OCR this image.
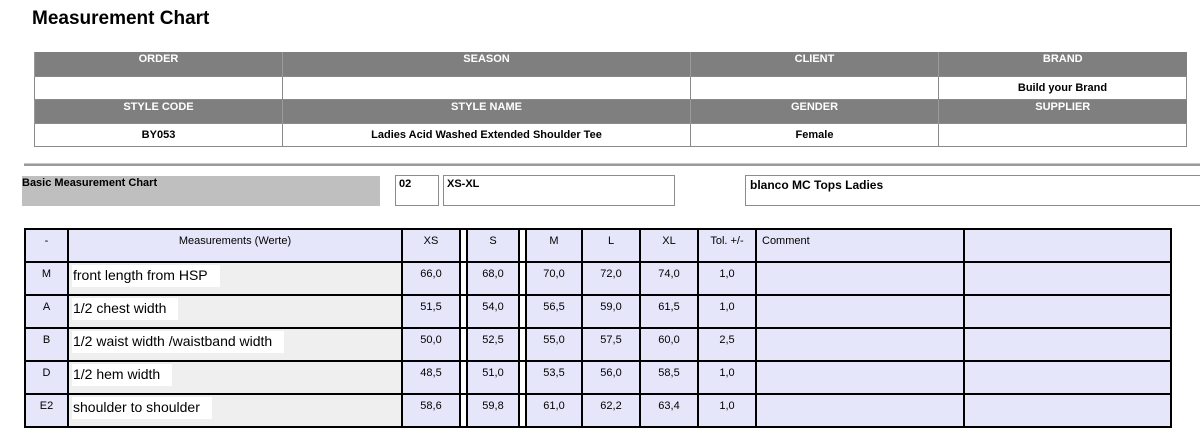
Measurement Chart
ORDER	SEASON	CLIENT	BRAND
			Build your Brand
STYLE CODE	STYLE NAME	GENDER	SUPPLIER
BY053	Ladies Acid Washed Extended Shoulder Tee	Female	
Basic Measurement Chart	02	XS-XL	blanco MC Tops Ladies
-	Measurements (Werte)	XS		S		M	L	XL	Tol. +/-	Comment	
M	front length from HSP	66,0		68,0		70,0	72,0	74,0	1,0		
A	1/2 chest width	51,5		54,0		56,5	59,0	61,5	1,0		
B	1/2 waist width /waistband width	50,0		52,5		55,0	57,5	60,0	2,5		
D	1/2 hem width	48,5		51,0		53,5	56,0	58,5	1,0		
E2	shoulder to shoulder	58,6		59,8		61,0	62,2	63,4	1,0		
